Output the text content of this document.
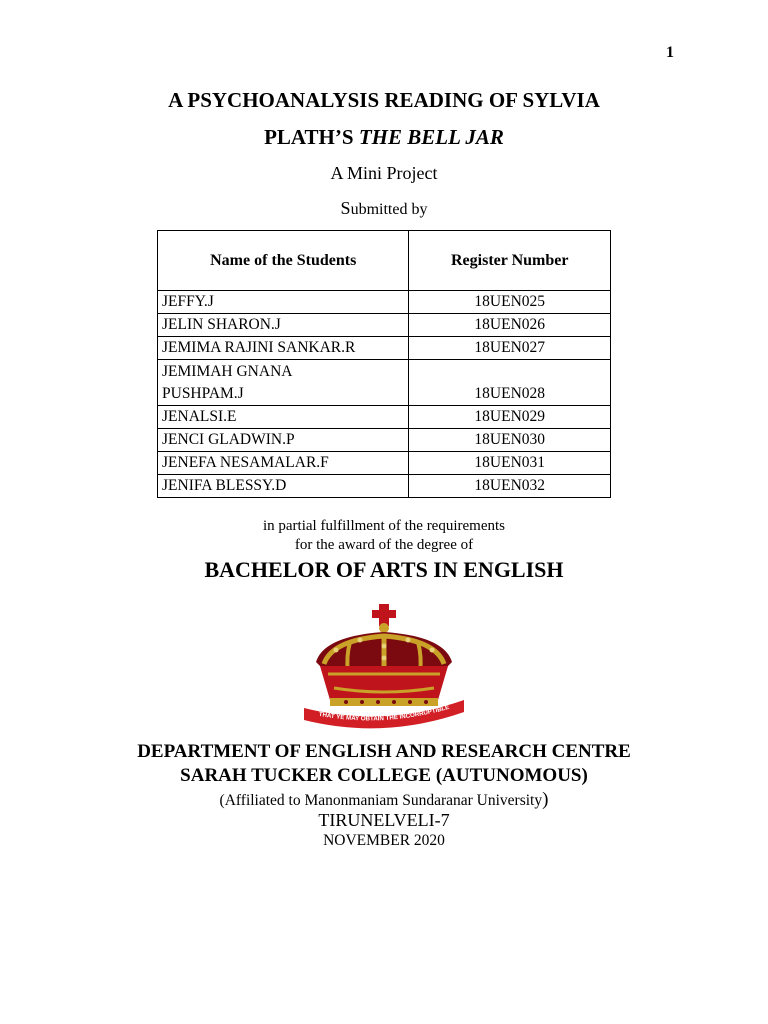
1
A PSYCHOANALYSIS READING OF SYLVIA
PLATH’S THE BELL JAR
A Mini Project
Submitted by
Name of the Students	Register Number
JEFFY.J	18UEN025
JELIN SHARON.J	18UEN026
JEMIMA RAJINI SANKAR.R	18UEN027

JEMIMAH GNANA
PUSHPAM.J	18UEN028
JENALSI.E	18UEN029
JENCI GLADWIN.P	18UEN030
JENEFA NESAMALAR.F	18UEN031
JENIFA BLESSY.D	18UEN032
in partial fulfillment of the requirements
for the award of the degree of
BACHELOR OF ARTS IN ENGLISH
THAT YE MAY OBTAIN THE INCORRUPTIBLE
DEPARTMENT OF ENGLISH AND RESEARCH CENTRE
SARAH TUCKER COLLEGE (AUTUNOMOUS)
(Affiliated to Manonmaniam Sundaranar University)
TIRUNELVELI-7
NOVEMBER 2020
